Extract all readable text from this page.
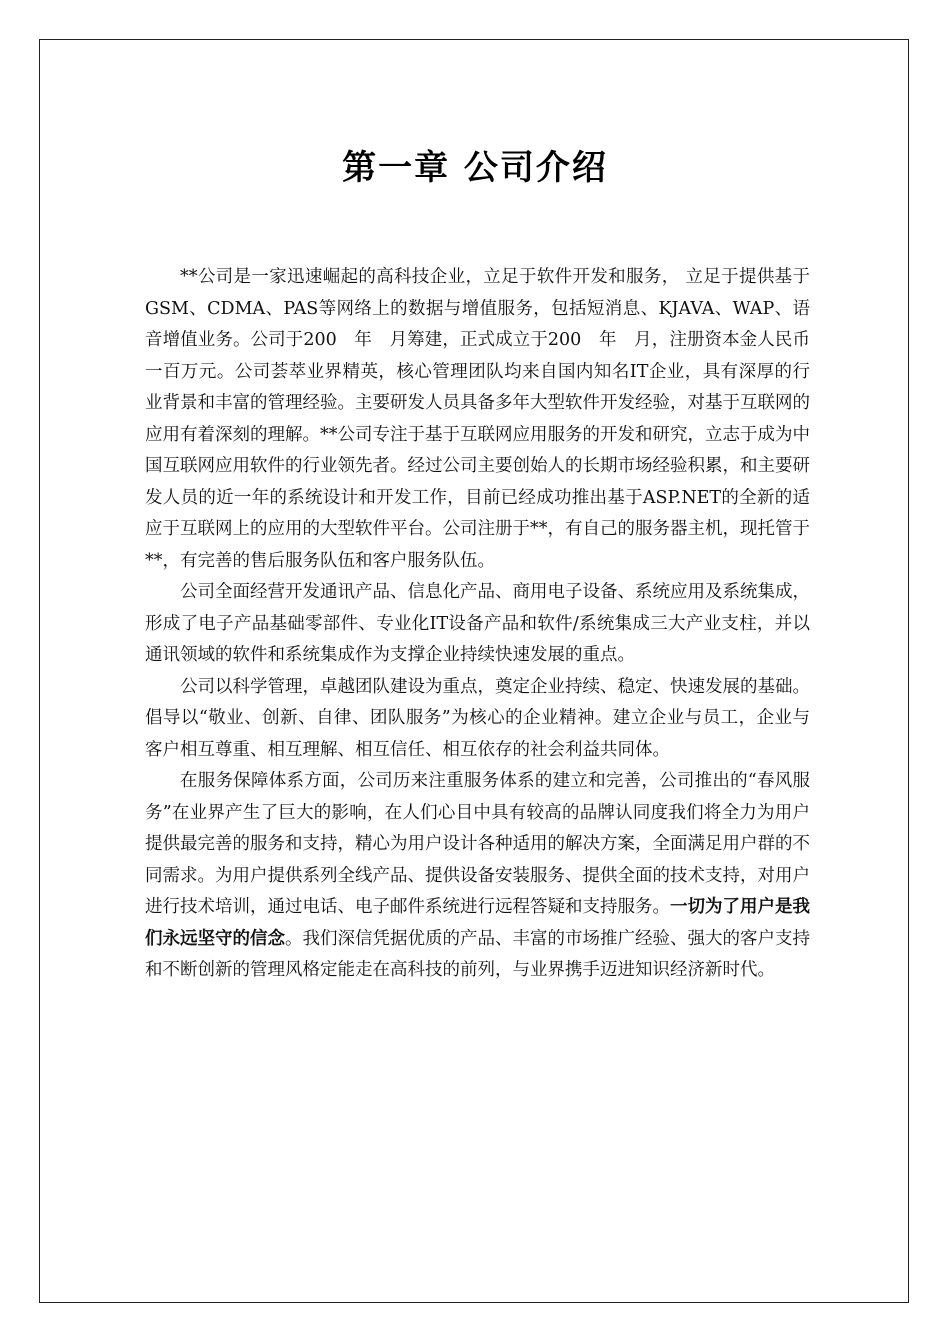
第一章 公司介绍

**公司是一家迅速崛起的高科技企业，立足于软件开发和服务， 立足于提供基于GSM、CDMA、PAS等网络上的数据与增值服务，包括短消息、KJAVA、WAP、语音增值业务。公司于200　年　月筹建，正式成立于200　年　月，注册资本金人民币一百万元。公司荟萃业界精英，核心管理团队均来自国内知名IT企业，具有深厚的行业背景和丰富的管理经验。主要研发人员具备多年大型软件开发经验，对基于互联网的应用有着深刻的理解。**公司专注于基于互联网应用服务的开发和研究，立志于成为中国互联网应用软件的行业领先者。经过公司主要创始人的长期市场经验积累，和主要研发人员的近一年的系统设计和开发工作，目前已经成功推出基于ASP.NET的全新的适应于互联网上的应用的大型软件平台。公司注册于**，有自己的服务器主机，现托管于**，有完善的售后服务队伍和客户服务队伍。

公司全面经营开发通讯产品、信息化产品、商用电子设备、系统应用及系统集成，形成了电子产品基础零部件、专业化IT设备产品和软件/系统集成三大产业支柱，并以通讯领域的软件和系统集成作为支撑企业持续快速发展的重点。

公司以科学管理，卓越团队建设为重点，奠定企业持续、稳定、快速发展的基础。倡导以“敬业、创新、自律、团队服务”为核心的企业精神。建立企业与员工，企业与客户相互尊重、相互理解、相互信任、相互依存的社会利益共同体。

在服务保障体系方面，公司历来注重服务体系的建立和完善，公司推出的“春风服务”在业界产生了巨大的影响，在人们心目中具有较高的品牌认同度我们将全力为用户提供最完善的服务和支持，精心为用户设计各种适用的解决方案，全面满足用户群的不同需求。为用户提供系列全线产品、提供设备安装服务、提供全面的技术支持，对用户进行技术培训，通过电话、电子邮件系统进行远程答疑和支持服务。一切为了用户是我们永远坚守的信念。我们深信凭据优质的产品、丰富的市场推广经验、强大的客户支持和不断创新的管理风格定能走在高科技的前列，与业界携手迈进知识经济新时代。
